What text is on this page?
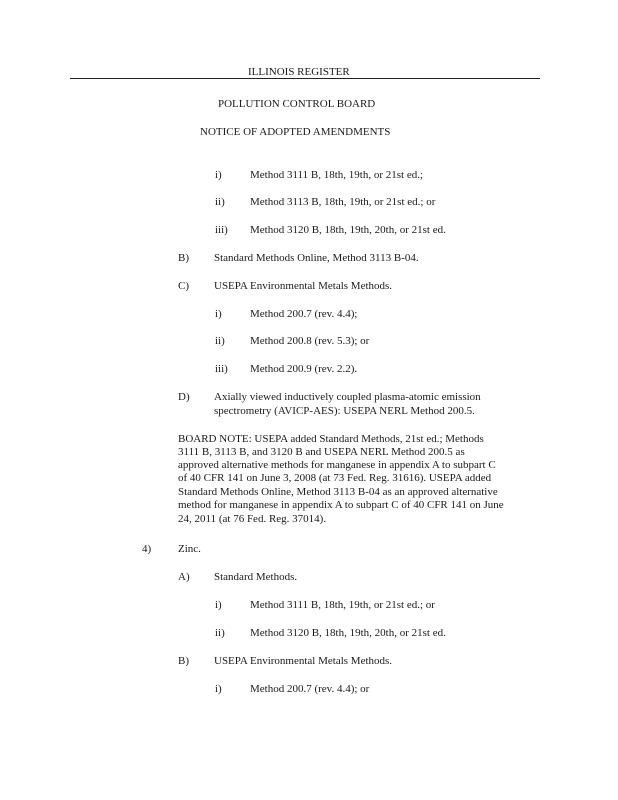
ILLINOIS REGISTER
POLLUTION CONTROL BOARD
NOTICE OF ADOPTED AMENDMENTS
i)	Method 3111 B, 18th, 19th, or 21st ed.;
ii) Method 3113 B, 18th, 19th, or 21st ed.; or
iii) Method 3120 B, 18th, 19th, 20th, or 21st ed.
B) Standard Methods Online, Method 3113 B-04.
C) USEPA Environmental Metals Methods.
i)	Method 200.7 (rev. 4.4);
ii) Method 200.8 (rev. 5.3); or
iii) Method 200.9 (rev. 2.2).
D) Axially viewed inductively coupled plasma-atomic emission
spectrometry (AVICP-AES): USEPA NERL Method 200.5.
BOARD NOTE: USEPA added Standard Methods, 21st ed.; Methods
3111 B, 3113 B, and 3120 B and USEPA NERL Method 200.5 as
approved alternative methods for manganese in appendix A to subpart C
of 40 CFR 141 on June 3, 2008 (at 73 Fed. Reg. 31616). USEPA added
Standard Methods Online, Method 3113 B-04 as an approved alternative
method for manganese in appendix A to subpart C of 40 CFR 141 on June
24, 2011 (at 76 Fed. Reg. 37014).
4) Zinc.
A) Standard Methods.
i)	Method 3111 B, 18th, 19th, or 21st ed.; or
ii) Method 3120 B, 18th, 19th, 20th, or 21st ed.
B) USEPA Environmental Metals Methods.
i)	Method 200.7 (rev. 4.4); or
